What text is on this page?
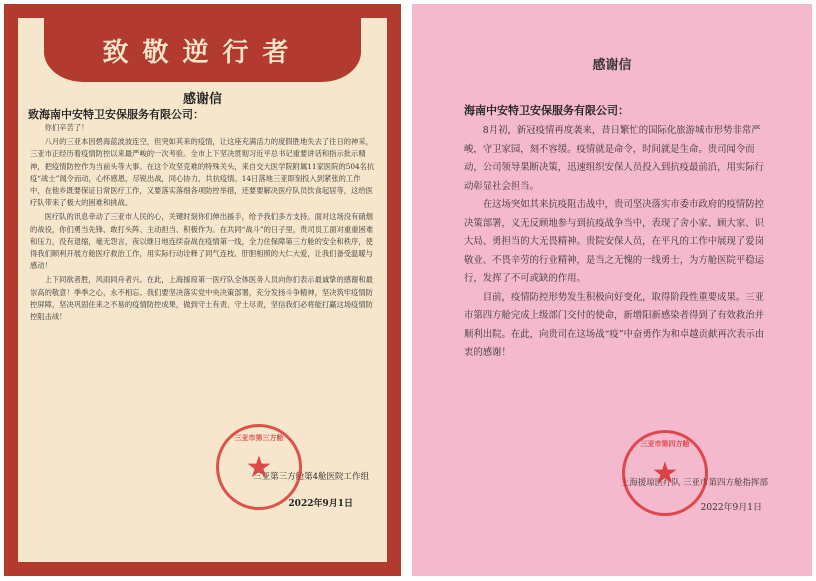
致敬逆行者
感谢信
致海南中安特卫安保服务有限公司：

你们辛苦了！

八月的三亚本因碧海蓝波波连空，但突如其来的疫情，让这座充满活力的度假胜地失去了往日的神采，三亚市正经历着疫情防控以来最严峻的一次考验。全市上下坚决贯彻习近平总书记重要讲话和指示批示精神，把疫情防控作为当前头等大事。在这个攻坚克难的特殊关头，来自交大医学院附属11家医院的504名抗疫“战士”闻令而动，心怀感恩，尽锐出战，同心协力，共抗疫情。14日落地三亚即刻投入到紧张的工作中，在他乡既要保证日常医疗工作，又要落实落细各项防控举措，还要要解决医疗队员饮食起居等，这给医疗队带来了极大的困难和挑战。

医疗队的讯息牵动了三亚市人民的心，关键时刻你们伸出援手，给予我们多方支持。面对这场没有硝烟的战役，你们勇当先锋、敢打头阵、主动担当、积极作为。在共同“战斗”的日子里，贵司员工面对重重困难和压力，没有退缩，毫无怨言，夜以继日地连续奋战在疫情第一线，全力住保障第三方舱的安全和秩序，使得我们顺利开展方舱医疗救治工作，用实际行动诠释了同气连枝、肝胆相照的大仁大爱，让我们备受温暖与感动！

上下同欲者胜，风雨同舟者兴。在此，上海援琼第一医疗队全体医务人员向你们表示最诚挚的感谢和最崇高的敬意！季季之心，永不相忘。我们要坚决落实党中央决策部署，充分发扬斗争精神，坚决筑牢疫情防控屏障，坚决巩固住来之不易的疫情防控成果，做到守土有责、守土尽责，坚信我们必将能打赢这场疫情防控阻击战！

三亚第三方舱第4舱医院工作组
2022年9月1日
三亚市第三方舱
★
感谢信
海南中安特卫安保服务有限公司：

8月初，新冠疫情再度袭来，昔日繁忙的国际化旅游城市形势非常严峻，守卫家园，刻不容缓。疫情就是命令，时间就是生命。贵司闻令而动，公司领导果断决策，迅速组织安保人员投入到抗疫最前沿，用实际行动彰显社会担当。

在这场突如其来抗疫阻击战中，贵司坚决落实市委市政府的疫情防控决策部署，义无反顾地参与到抗疫战争当中，表现了舍小家、顾大家、识大局、勇担当的大无畏精神。贵院安保人员，在平凡的工作中展现了爱岗敬业、不畏辛劳的行业精神，是当之无愧的一线勇士，为方舱医院平稳运行，发挥了不可或缺的作用。

目前，疫情防控形势发生积极向好变化，取得阶段性重要成果。三亚市第四方舱完成上级部门交付的使命，新增阳新感染者得到了有效救治并顺利出院。在此，向贵司在这场战“疫”中奋勇作为和卓越贡献再次表示由衷的感谢！

上海援琼医疗队 三亚市第四方舱指挥部
2022年9月1日
三亚市第四方舱
★
